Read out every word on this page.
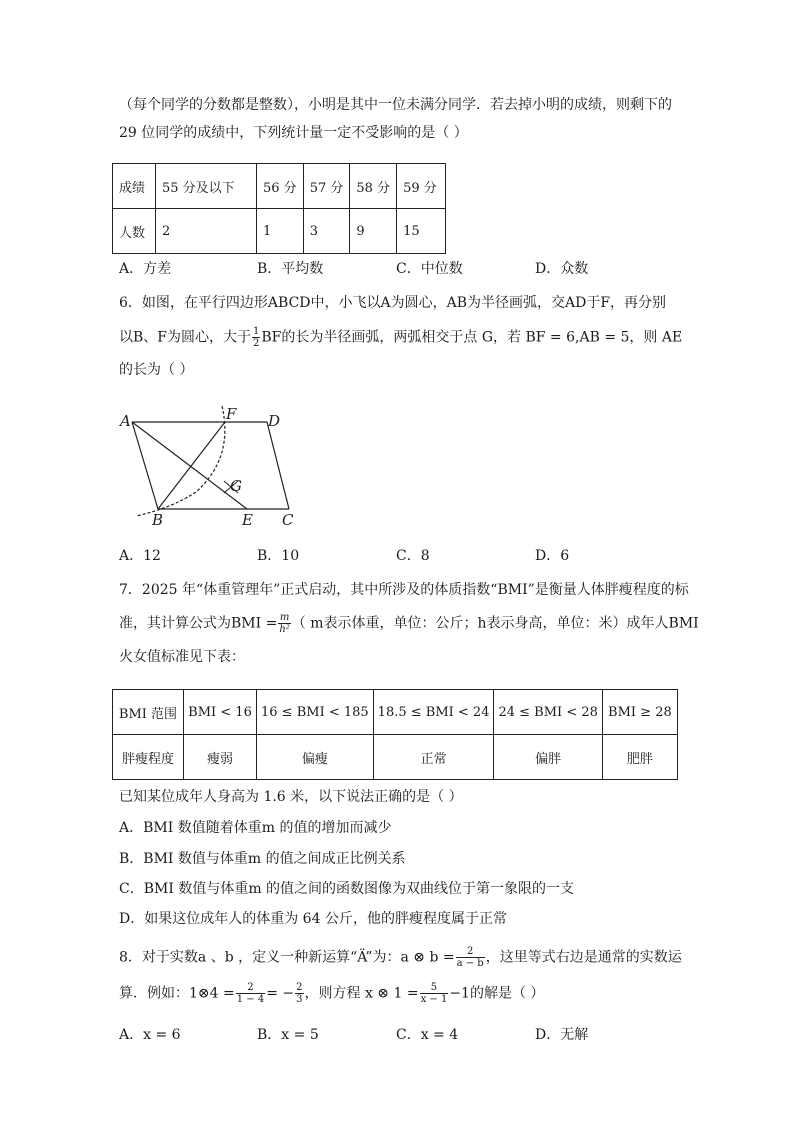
（每个同学的分数都是整数），小明是其中一位未满分同学．若去掉小明的成绩，则剩下的
29 位同学的成绩中，下列统计量一定不受影响的是（ ）
成绩	55 分及以下	56 分	57 分	58 分	59 分
人数	2	1	3	9	15
A．方差	B．平均数	C．中位数	D．众数
6．如图，在平行四边形ABCD中，小飞以A为圆心，AB为半径画弧，交AD于F，再分别
以B、F为圆心，大于 $\frac{1}{2}$ BF的长为半径画弧，两弧相交于点 G，若 BF = 6,AB = 5，则 AE
的长为（ ）
A	F D
G
B	E C
A．12	B．10	C．8	D．6
7．2025 年“体重管理年”正式启动，其中所涉及的体质指数“BMI”是衡量人体胖瘦程度的标
准，其计算公式为BMI = $\frac{m}{\text{h²}}$ （ m表示体重，单位：公斤；h表示身高，单位：米）成年人BMI
火女值标准见下表：
BMI 范围	BMI < 16	16 ≤ BMI < 185	18.5 ≤ BMI < 24	24 ≤ BMI < 28	BMI ≥ 28
胖瘦程度	瘦弱	偏瘦	正常	偏胖	肥胖
已知某位成年人身高为 1.6 米，以下说法正确的是（ ）
A．BMI 数值随着体重m 的值的增加而减少
B．BMI 数值与体重m 的值之间成正比例关系
C．BMI 数值与体重m 的值之间的函数图像为双曲线位于第一象限的一支
D．如果这位成年人的体重为 64 公斤，他的胖瘦程度属于正常
8．对于实数a 、b ，定义一种新运算“Ä”为：a ⊗ $b = \frac{2}{a - b}$ ，这里等式右边是通常的实数运
算．例如：1⊗4 = $\frac{2}{1 - 4}$ = − $\frac{2}{3}$ ，则方程 x ⊗ $1 = \frac{5}{x - 1} -1$的解是（ ）
A．x = 6	B．x = 5	C．x = 4	D．无解
